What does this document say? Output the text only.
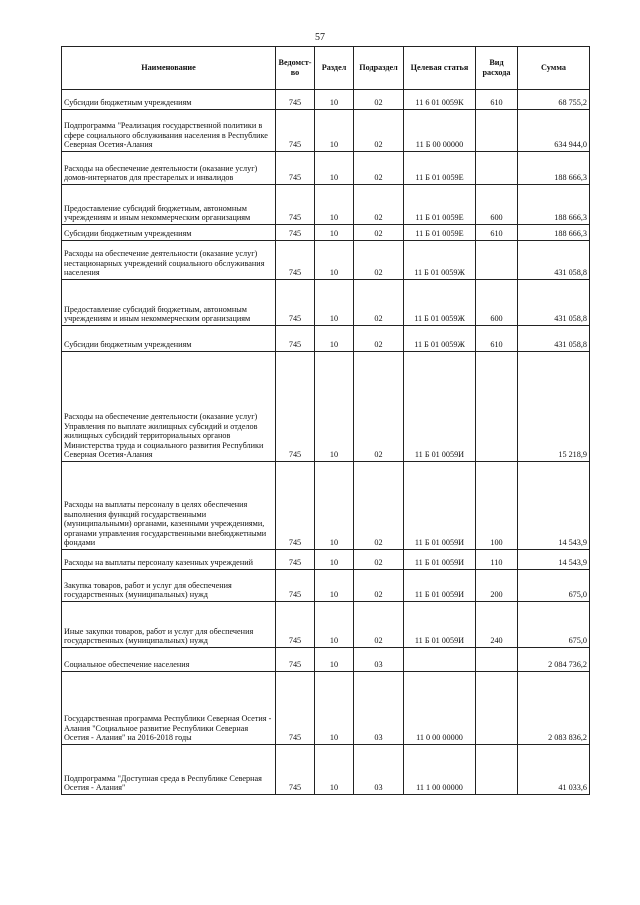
57
Наименование	Ведомст-во	Раздел	Подраздел	Целевая статья	Вид расхода	Сумма
Субсидии бюджетным учреждениям	745	10	02	11 6 01 0059К	610	68 755,2
Подпрограмма "Реализация государственной политики в сфере социального обслуживания населения в Республике Северная Осетия-Алания	745	10	02	11 Б 00 00000		634 944,0
Расходы на обеспечение деятельности (оказание услуг) домов-интернатов для престарелых и инвалидов	745	10	02	11 Б 01 0059Е		188 666,3
Предоставление субсидий бюджетным, автономным учреждениям и иным некоммерческим организациям	745	10	02	11 Б 01 0059Е	600	188 666,3
Субсидии бюджетным учреждениям	745	10	02	11 Б 01 0059Е	610	188 666,3
Расходы на обеспечение деятельности (оказание услуг) нестационарных учреждений социального обслуживания населения	745	10	02	11 Б 01 0059Ж		431 058,8
Предоставление субсидий бюджетным, автономным учреждениям и иным некоммерческим организациям	745	10	02	11 Б 01 0059Ж	600	431 058,8
Субсидии бюджетным учреждениям	745	10	02	11 Б 01 0059Ж	610	431 058,8
Расходы на обеспечение деятельности (оказание услуг) Управления по выплате жилищных субсидий и отделов жилищных субсидий территориальных органов Министерства труда и социального развития Республики Северная Осетия-Алания	745	10	02	11 Б 01 0059И		15 218,9
Расходы на выплаты персоналу в целях обеспечения выполнения функций государственными (муниципальными) органами, казенными учреждениями, органами управления государственными внебюджетными фондами	745	10	02	11 Б 01 0059И	100	14 543,9
Расходы на выплаты персоналу казенных учреждений	745	10	02	11 Б 01 0059И	110	14 543,9
Закупка товаров, работ и услуг для обеспечения государственных (муниципальных) нужд	745	10	02	11 Б 01 0059И	200	675,0
Иные закупки товаров, работ и услуг для обеспечения государственных (муниципальных) нужд	745	10	02	11 Б 01 0059И	240	675,0
Социальное обеспечение населения	745	10	03			2 084 736,2
Государственная программа Республики Северная Осетия - Алания "Социальное развитие Республики Северная Осетия - Алания" на 2016-2018 годы	745	10	03	11 0 00 00000		2 083 836,2
Подпрограмма "Доступная среда в Республике Северная Осетия - Алания"	745	10	03	11 1 00 00000		41 033,6
